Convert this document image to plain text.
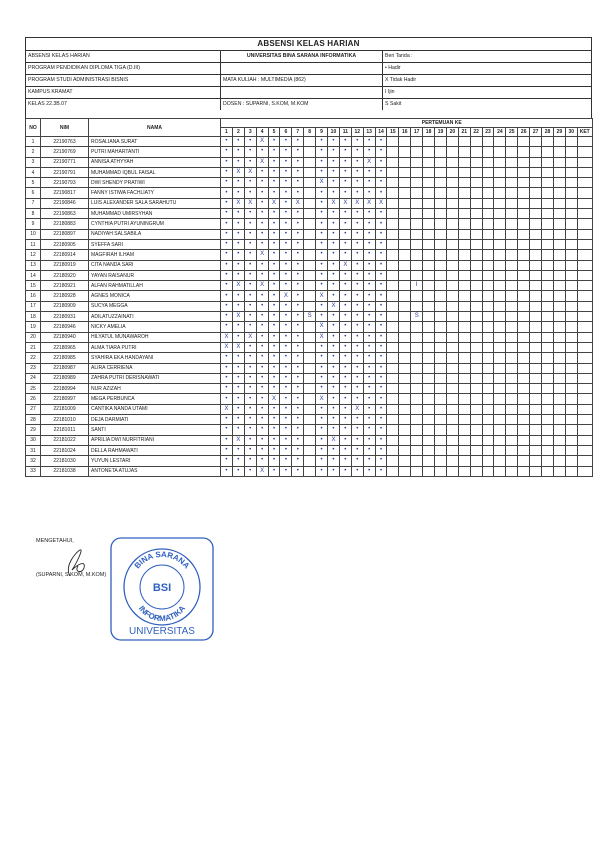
ABSENSI KELAS HARIAN
ABSENSI KELAS HARIAN	UNIVERSITAS BINA SARANA INFORMATIKA	Beri Tanda :
PROGRAM PENDIDIKAN DIPLOMA TIGA (D.III)	• Hadir
PROGRAM STUDI ADMINISTRASI BISNIS	MATA KULIAH : MULTIMEDIA (862)	X Tidak Hadir
KAMPUS KRAMAT	I Ijin
KELAS 22.3B.07	DOSEN : SUPARNI, S.KOM, M.KOM	S Sakit
NO	NIM	NAMA	PERTEMUAN KE																														
			1	2	3	4	5	6	7	8	9	10	11	12	13	14	15	16	17	18	19	20	21	22	23	24	25	26	27	28	29	30	KET
1	22190763	ROSALIANA SURAT	•	•	•	X	•	•	•		•	•	•	•	•	•																	
2	22190769	PUTRI MAHARTANTI	•	•	•	•	•	•	•		•	•	•	•	•	•																	
3	22190771	ANNISA ATHYYAH	•	•	•	X	•	•	•		•	•	•	•	X	•																	
4	22190791	MUHAMMAD IQBUL FAISAL	•	X	X	•	•	•	•		•	•	•	•	•	•																	
5	22190793	DWI SHENDY PRATIWI	•	•	•	•	•	•	•		X	•	•	•	•	•																	
6	22190817	FANNY ISTIWA FACHLIATY	•	•	•	•	•	•	•		•	•	•	•	•	•																	
7	22190846	LUIS ALEXANDER SALA SARAHUTU	•	X	X	•	X	•	X		•	X	X	X	X	X																	
8	22190863	MUHAMMAD UMIRSYHAN	•	•	•	•	•	•	•		•	•	•	•	•	•																	
9	22180883	CYNTHIA PUTRI AYUNINGRUM	•	•	•	•	•	•	•		•	•	•	•	•	•																	
10	22180897	NADIYAH SALSABILA	•	•	•	•	•	•	•		•	•	•	•	•	•																	
11	22180905	SYEFFA SARI	•	•	•	•	•	•	•		•	•	•	•	•	•																	
12	22180914	MAGFIRAH ILHAM	•	•	•	X	•	•	•		•	•	•	•	•	•																	
13	22180919	CITA NANDA SARI	•	•	•	•	•	•	•		•	•	X	•	•	•																	
14	22180920	YAYAN RAISANUR	•	•	•	•	•	•	•		•	•	•	•	•	•																	
15	22180921	ALFAN RAHMATILLAH	•	X	•	X	•	•	•		•	•	•	•	•	•			I														
16	22180928	AGNES MONICA	•	•	•	•	•	X	•		X	•	•	•	•	•																	
17	22180909	SUCYA MEGGA	•	•	•	•	•	•	•		•	X	•	•	•	•																	
18	22180931	ADILATUZZAINATI	•	X	•	•	•	•	•	S	•	•	•	•	•	•			S														
19	22180946	NICKY AMELIA	•	•	•	•	•	•	•		X	•	•	•	•	•																	
20	22180940	HILYATUL MUNAWAROH	X	•	X	•	•	•	•		X	•	•	•	•	•																	
21	22180965	ALMA TIARA PUTRI	X	X	•	•	•	•	•		•	•	•	•	•	•																	
22	22180985	SYAHIRA EKA HANDAYANI	•	•	•	•	•	•	•		•	•	•	•	•	•																	
23	22180987	ALIRA CERRIENA	•	•	•	•	•	•	•		•	•	•	•	•	•																	
24	22180989	ZAHRA PUTRI DERISNAWATI	•	•	•	•	•	•	•		•	•	•	•	•	•																	
25	22180994	NUR AZIZAH	•	•	•	•	•	•	•		•	•	•	•	•	•																	
26	22180997	MEGA PERBUNCA	•	•	•	•	X	•	•		X	•	•	•	•	•																	
27	22181009	CANTIKA NANDA UTAMI	X	•	•	•	•	•	•		•	•	•	X	•	•																	
28	22181010	DEJA DARMIATI	•	•	•	•	•	•	•		•	•	•	•	•	•																	
29	22181011	SANTI	•	•	•	•	•	•	•		•	•	•	•	•	•																	
30	22181022	APRILIA DWI NURFITRIANI	•	X	•	•	•	•	•		•	X	•	•	•	•																	
31	22181024	DELLA RAHMAWATI	•	•	•	•	•	•	•		•	•	•	•	•	•																	
32	22181030	YUYUN LESTARI	•	•	•	•	•	•	•		•	•	•	•	•	•																	
33	22181038	ANTONETA ATUJAS	•	•	•	X	•	•	•		•	•	•	•	•	•																	
MENGETAHUI,
(SUPARNI, S.KOM, M.KOM)
BINA SARANA
INFORMATIKA
BSI
UNIVERSITAS
